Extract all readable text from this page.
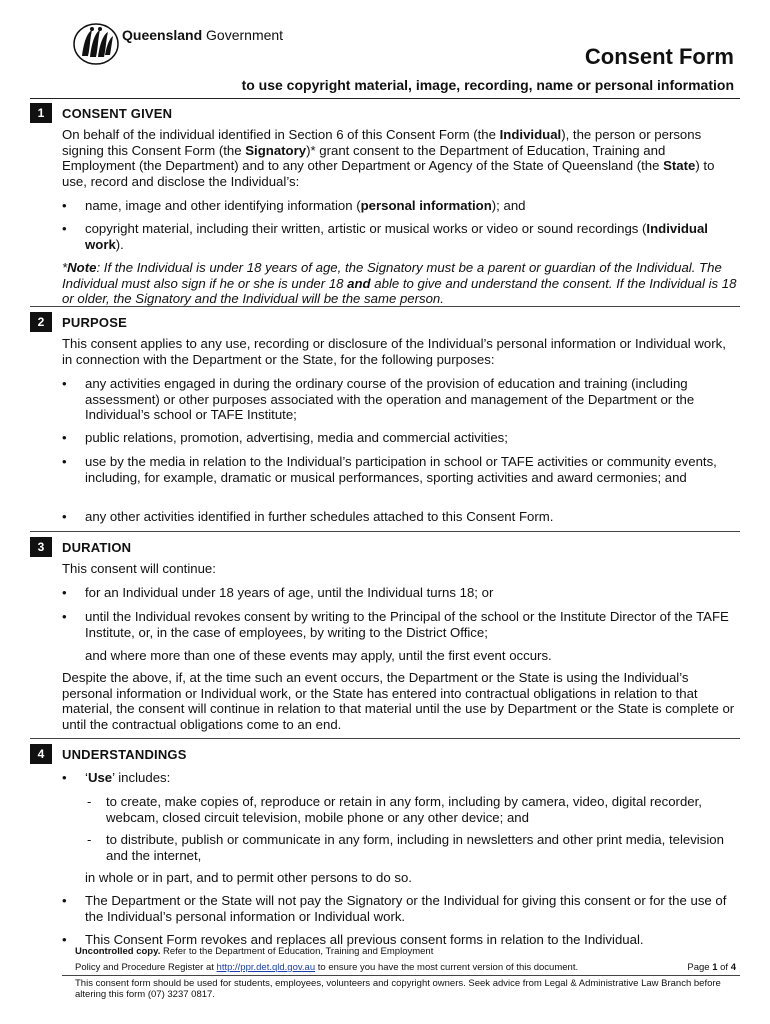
Queensland Government
Consent Form
to use copyright material, image, recording, name or personal information
1	CONSENT GIVEN
On behalf of the individual identified in Section 6 of this Consent Form (the Individual), the person or persons signing this Consent Form (the Signatory)* grant consent to the Department of Education, Training and Employment (the Department) and to any other Department or Agency of the State of Queensland (the State) to use, record and disclose the Individual’s:
• name, image and other identifying information (personal information); and
• copyright material, including their written, artistic or musical works or video or sound recordings (Individual work).
*Note: If the Individual is under 18 years of age, the Signatory must be a parent or guardian of the Individual. The Individual must also sign if he or she is under 18 and able to give and understand the consent. If the Individual is 18 or older, the Signatory and the Individual will be the same person.
2	PURPOSE
This consent applies to any use, recording or disclosure of the Individual’s personal information or Individual work, in connection with the Department or the State, for the following purposes:
• any activities engaged in during the ordinary course of the provision of education and training (including assessment) or other purposes associated with the operation and management of the Department or the Individual’s school or TAFE Institute;
• public relations, promotion, advertising, media and commercial activities;
• use by the media in relation to the Individual’s participation in school or TAFE activities or community events, including, for example, dramatic or musical performances, sporting activities and award cermonies; and
• any other activities identified in further schedules attached to this Consent Form.
3	DURATION
This consent will continue:
• for an Individual under 18 years of age, until the Individual turns 18; or
• until the Individual revokes consent by writing to the Principal of the school or the Institute Director of the TAFE Institute, or, in the case of employees, by writing to the District Office;
and where more than one of these events may apply, until the first event occurs.
Despite the above, if, at the time such an event occurs, the Department or the State is using the Individual’s personal information or Individual work, or the State has entered into contractual obligations in relation to that material, the consent will continue in relation to that material until the use by Department or the State is complete or until the contractual obligations come to an end.
4	UNDERSTANDINGS
• ‘Use’ includes:
- to create, make copies of, reproduce or retain in any form, including by camera, video, digital recorder, webcam, closed circuit television, mobile phone or any other device; and
- to distribute, publish or communicate in any form, including in newsletters and other print media, television and the internet,
in whole or in part, and to permit other persons to do so.
• The Department or the State will not pay the Signatory or the Individual for giving this consent or for the use of the Individual’s personal information or Individual work.
• This Consent Form revokes and replaces all previous consent forms in relation to the Individual.
Uncontrolled copy. Refer to the Department of Education, Training and Employment
Policy and Procedure Register at http://ppr.det.qld.gov.au to ensure you have the most current version of this document.	Page 1 of 4
This consent form should be used for students, employees, volunteers and copyright owners. Seek advice from Legal & Administrative Law Branch before altering this form (07) 3237 0817.
